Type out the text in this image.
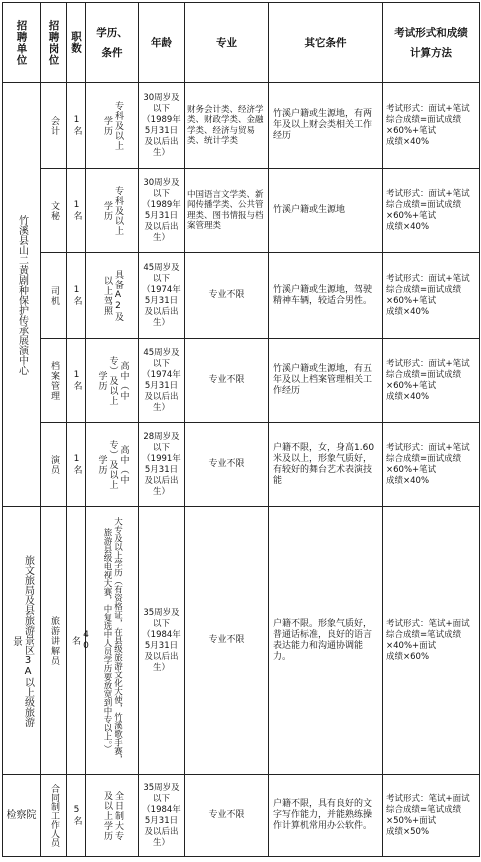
招聘单位	招聘岗位	职数	学历、条件	年龄	专业	其它条件	考试形式和成绩计算方法

竹溪县山二黄剧种保护传承展演中心	会计	1名	专科及以上学历	30周岁及以下（1989年5月31日及以后出生）	财务会计类、经济学类、财政学类、金融学类、经济与贸易类、统计学类	竹溪户籍或生源地，有两年及以上财会类相关工作经历	考试形式：面试+笔试
综合成绩=面试成绩×60%+笔试
成绩×40%

	文秘	1名	专科及以上学历	30周岁及以下（1989年5月31日及以后出生）	中国语言文学类、新闻传播学类、公共管理类、图书情报与档案管理类	竹溪户籍或生源地	考试形式：面试+笔试
综合成绩=面试成绩×60%+笔试
成绩×40%

	司机	1名	具备A2及以上驾照	45周岁及以下（1974年5月31日及以后出生）	专业不限	竹溪户籍或生源地，驾驶精神车辆，较适合男性。	考试形式：面试+笔试
综合成绩=面试成绩×60%+笔试
成绩×40%

	档案管理	1名	高中（中专）及以上学历	45周岁及以下（1974年5月31日及以后出生）	专业不限	竹溪户籍或生源地，有五年及以上档案管理相关工作经历	考试形式：面试+笔试
综合成绩=面试成绩×60%+笔试
成绩×40%

	演员	1名	高中（中专）及以上学历	28周岁及以下（1991年5月31日及以后出生）	专业不限	户籍不限，女，身高1.60米及以上，形象气质好，有较好的舞台艺术表演技能	考试形式：面试+笔试
综合成绩=面试成绩×60%+笔试
成绩×40%

旅文旅局及县旅游景区3A以上级旅游景	旅游讲解员	40名	大专及以上学历（有资格证，在县级旅游文化大使，竹溪歌手赛，旅游县级电视大赛，中复选中人员学历要放宽到中专以上。）	35周岁及以下（1984年5月31日及以后出生）	专业不限	户籍不限。形象气质好，普通话标准，良好的语言表达能力和沟通协调能力。	考试形式：笔试+面试
综合成绩=笔试成绩×40%+面试
成绩×60%

检察院	合同制工作人员	5名	全日制大专及以上学历	35周岁及以下（1984年5月31日及以后出生）	专业不限	户籍不限，具有良好的文字写作能力，并能熟练操作计算机常用办公软件。	考试形式：笔试+面试
综合成绩=笔试成绩×50%+面试
成绩×50%
